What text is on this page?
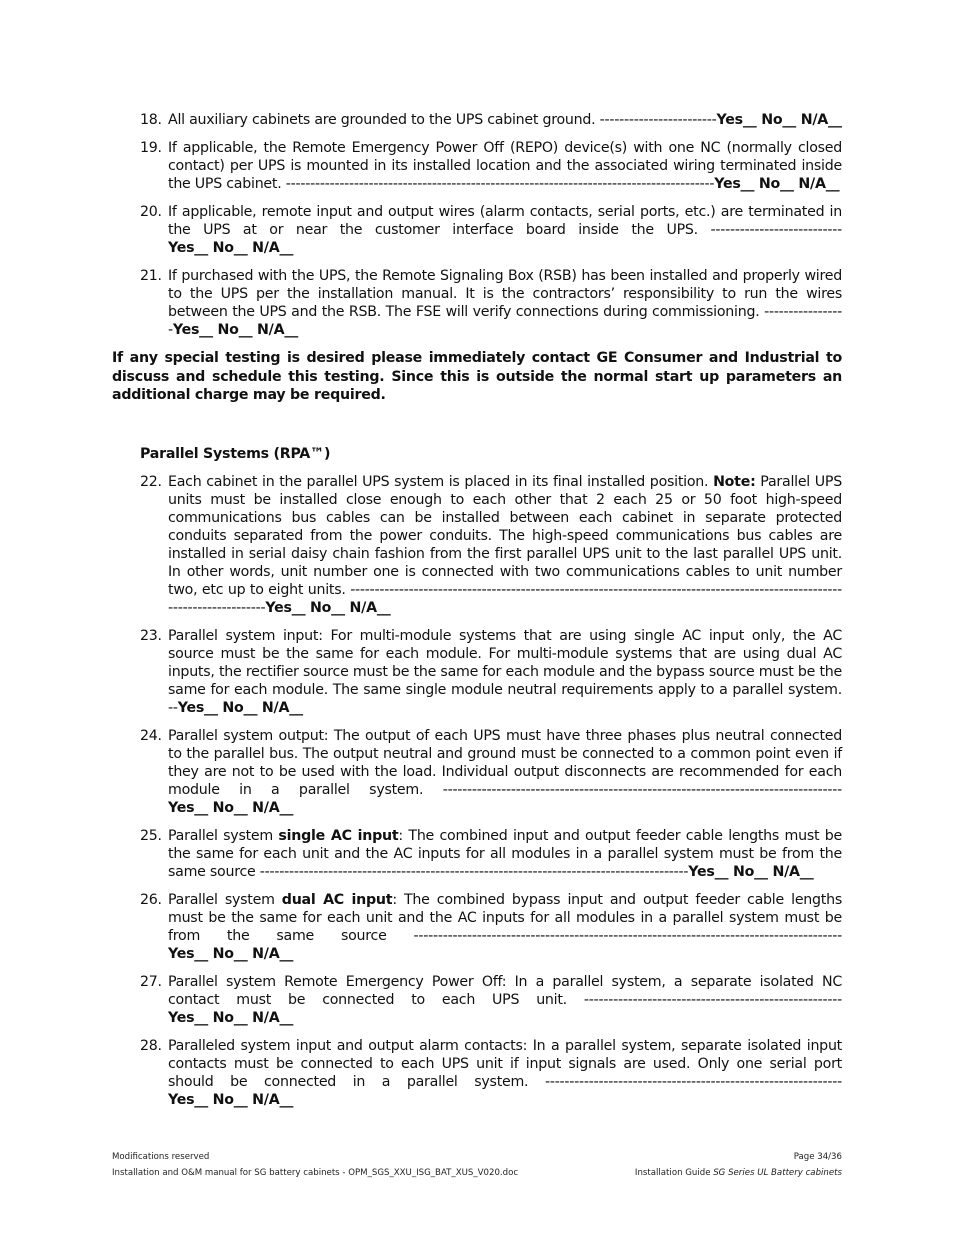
18. All auxiliary cabinets are grounded to the UPS cabinet ground. ------------------------Yes__ No__ N/A__
19. If applicable, the Remote Emergency Power Off (REPO) device(s) with one NC (normally closed contact) per UPS is mounted in its installed location and the associated wiring terminated inside the UPS cabinet. ----------------------------------------------------------------------------------------Yes__ No__ N/A__
20. If applicable, remote input and output wires (alarm contacts, serial ports, etc.) are terminated in the UPS at or near the customer interface board inside the UPS. ---------------------------Yes__ No__ N/A__
21. If purchased with the UPS, the Remote Signaling Box (RSB) has been installed and properly wired to the UPS per the installation manual. It is the contractors’ responsibility to run the wires between the UPS and the RSB. The FSE will verify connections during commissioning. -----------------Yes__ No__ N/A__

If any special testing is desired please immediately contact GE Consumer and Industrial to discuss and schedule this testing. Since this is outside the normal start up parameters an additional charge may be required.

Parallel Systems (RPA™)

22. Each cabinet in the parallel UPS system is placed in its final installed position. Note: Parallel UPS units must be installed close enough to each other that 2 each 25 or 50 foot high-speed communications bus cables can be installed between each cabinet in separate protected conduits separated from the power conduits. The high-speed communications bus cables are installed in serial daisy chain fashion from the first parallel UPS unit to the last parallel UPS unit. In other words, unit number one is connected with two communications cables to unit number two, etc up to eight units. -------------------------------------------------------------------------------------------------------------------------Yes__ No__ N/A__
23. Parallel system input: For multi-module systems that are using single AC input only, the AC source must be the same for each module. For multi-module systems that are using dual AC inputs, the rectifier source must be the same for each module and the bypass source must be the same for each module. The same single module neutral requirements apply to a parallel system. --Yes__ No__ N/A__
24. Parallel system output: The output of each UPS must have three phases plus neutral connected to the parallel bus. The output neutral and ground must be connected to a common point even if they are not to be used with the load. Individual output disconnects are recommended for each module in a parallel system. ----------------------------------------------------------------------------------Yes__ No__ N/A__
25. Parallel system single AC input: The combined input and output feeder cable lengths must be the same for each unit and the AC inputs for all modules in a parallel system must be from the same source ----------------------------------------------------------------------------------------Yes__ No__ N/A__
26. Parallel system dual AC input: The combined bypass input and output feeder cable lengths must be the same for each unit and the AC inputs for all modules in a parallel system must be from the same source ----------------------------------------------------------------------------------------Yes__ No__ N/A__
27. Parallel system Remote Emergency Power Off: In a parallel system, a separate isolated NC contact must be connected to each UPS unit. -----------------------------------------------------Yes__ No__ N/A__
28. Paralleled system input and output alarm contacts: In a parallel system, separate isolated input contacts must be connected to each UPS unit if input signals are used. Only one serial port should be connected in a parallel system. -------------------------------------------------------------Yes__ No__ N/A__
Modifications reserved	Page 34/36
Installation and O&M manual for SG battery cabinets - OPM_SGS_XXU_ISG_BAT_XUS_V020.doc	Installation Guide SG Series UL Battery cabinets
